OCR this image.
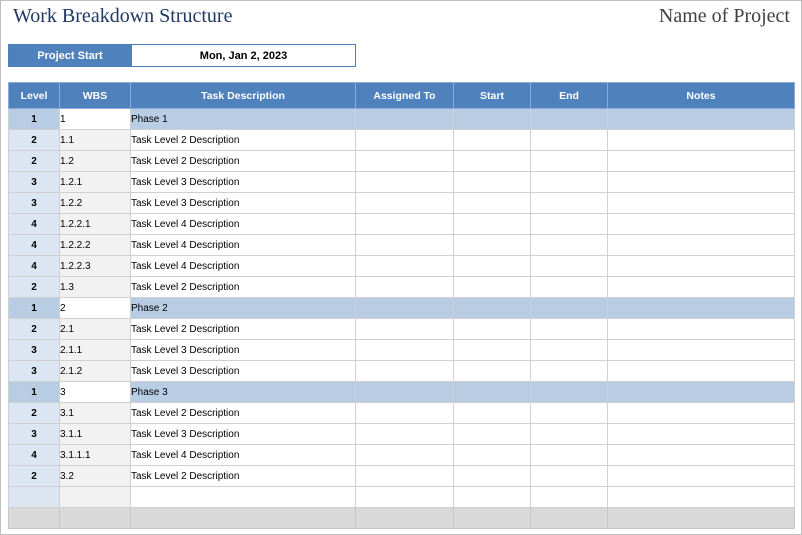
Work Breakdown Structure	Name of Project
Project Start	Mon, Jan 2, 2023
Level	WBS	Task Description	Assigned To	Start	End	Notes
1	1	Phase 1				
2	1.1	Task Level 2 Description				
2	1.2	Task Level 2 Description				
3	1.2.1	Task Level 3 Description				
3	1.2.2	Task Level 3 Description				
4	1.2.2.1	Task Level 4 Description				
4	1.2.2.2	Task Level 4 Description				
4	1.2.2.3	Task Level 4 Description				
2	1.3	Task Level 2 Description				
1	2	Phase 2				
2	2.1	Task Level 2 Description				
3	2.1.1	Task Level 3 Description				
3	2.1.2	Task Level 3 Description				
1	3	Phase 3				
2	3.1	Task Level 2 Description				
3	3.1.1	Task Level 3 Description				
4	3.1.1.1	Task Level 4 Description				
2	3.2	Task Level 2 Description				
